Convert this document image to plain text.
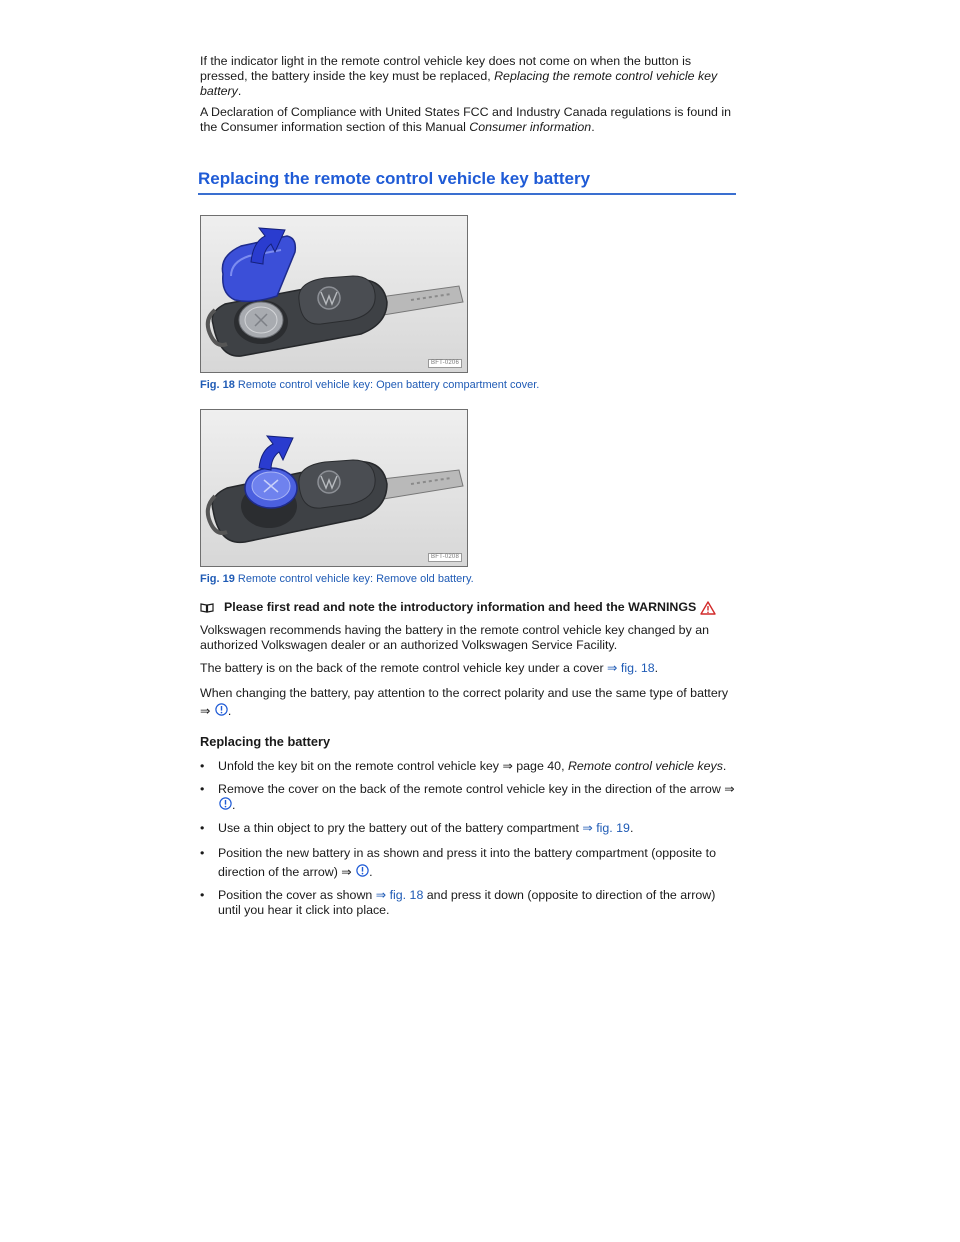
If the indicator light in the remote control vehicle key does not come on when the button is pressed, the battery inside the key must be replaced, Replacing the remote control vehicle key battery.

A Declaration of Compliance with United States FCC and Industry Canada regulations is found in the Consumer information section of this Manual Consumer information.

Replacing the remote control vehicle key battery
BFT-0206

Fig. 18 Remote control vehicle key: Open battery compartment cover.

BFT-0208

Fig. 19 Remote control vehicle key: Remove old battery.

Please first read and note the introductory information and heed the WARNINGS

Volkswagen recommends having the battery in the remote control vehicle key changed by an authorized Volkswagen dealer or an authorized Volkswagen Service Facility.

The battery is on the back of the remote control vehicle key under a cover ⇒ fig. 18.

When changing the battery, pay attention to the correct polarity and use the same type of battery
⇒ .

Replacing the battery
• Unfold the key bit on the remote control vehicle key ⇒ page 40, Remote control vehicle keys.
• Remove the cover on the back of the remote control vehicle key in the direction of the arrow ⇒ .
• Use a thin object to pry the battery out of the battery compartment ⇒ fig. 19.
• Position the new battery in as shown and press it into the battery compartment (opposite to direction of the arrow) ⇒ .
• Position the cover as shown ⇒ fig. 18 and press it down (opposite to direction of the arrow) until you hear it click into place.
